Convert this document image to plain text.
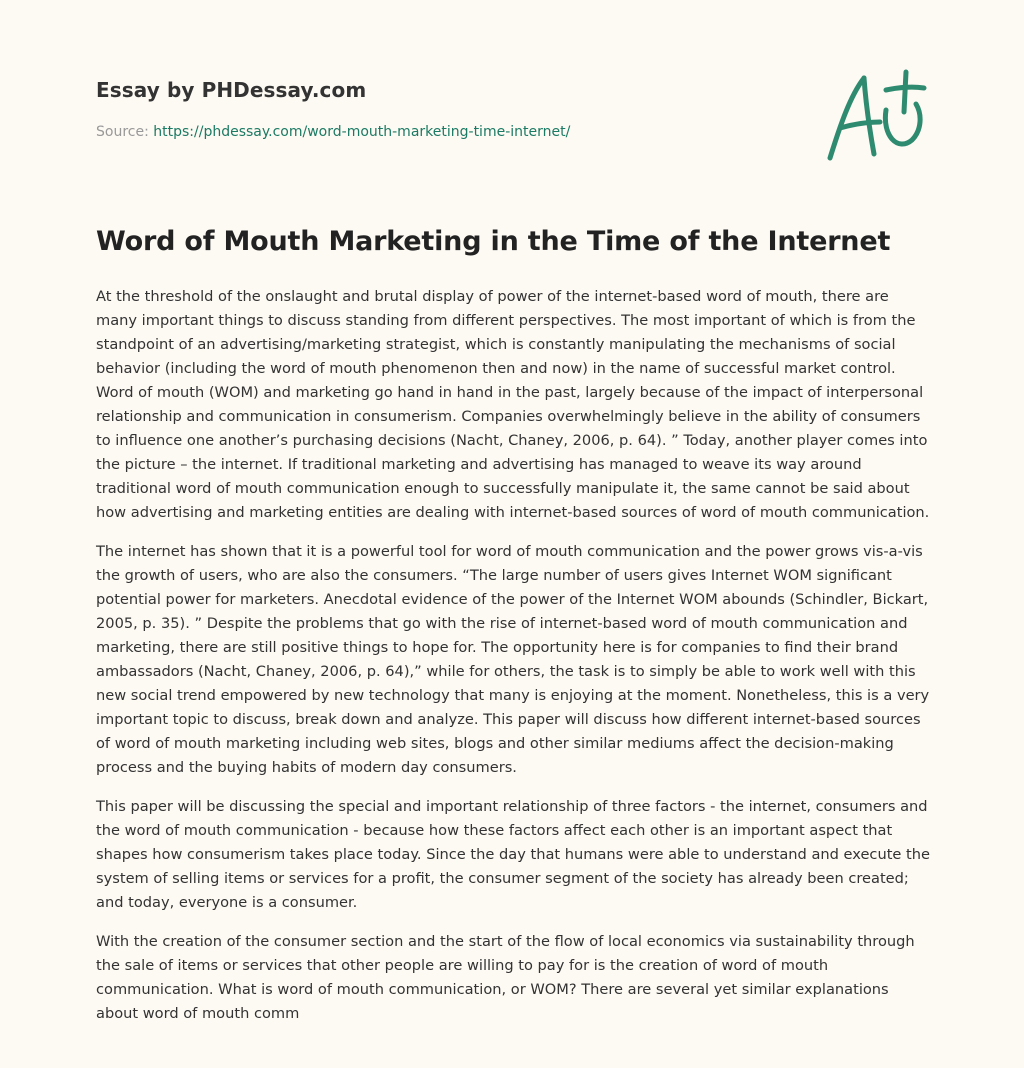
Essay by PHDessay.com

Source: https://phdessay.com/word-mouth-marketing-time-internet/

Word of Mouth Marketing in the Time of the Internet

At the threshold of the onslaught and brutal display of power of the internet-based word of mouth, there are many important things to discuss standing from different perspectives. The most important of which is from the standpoint of an advertising/marketing strategist, which is constantly manipulating the mechanisms of social behavior (including the word of mouth phenomenon then and now) in the name of successful market control. Word of mouth (WOM) and marketing go hand in hand in the past, largely because of the impact of interpersonal relationship and communication in consumerism. Companies overwhelmingly believe in the ability of consumers to influence one another’s purchasing decisions (Nacht, Chaney, 2006, p. 64). ” Today, another player comes into the picture – the internet. If traditional marketing and advertising has managed to weave its way around traditional word of mouth communication enough to successfully manipulate it, the same cannot be said about how advertising and marketing entities are dealing with internet-based sources of word of mouth communication.

The internet has shown that it is a powerful tool for word of mouth communication and the power grows vis-a-vis the growth of users, who are also the consumers. “The large number of users gives Internet WOM significant potential power for marketers. Anecdotal evidence of the power of the Internet WOM abounds (Schindler, Bickart, 2005, p. 35). ” Despite the problems that go with the rise of internet-based word of mouth communication and marketing, there are still positive things to hope for. The opportunity here is for companies to find their brand ambassadors (Nacht, Chaney, 2006, p. 64),” while for others, the task is to simply be able to work well with this new social trend empowered by new technology that many is enjoying at the moment. Nonetheless, this is a very important topic to discuss, break down and analyze. This paper will discuss how different internet-based sources of word of mouth marketing including web sites, blogs and other similar mediums affect the decision-making process and the buying habits of modern day consumers.

This paper will be discussing the special and important relationship of three factors - the internet, consumers and the word of mouth communication - because how these factors affect each other is an important aspect that shapes how consumerism takes place today. Since the day that humans were able to understand and execute the system of selling items or services for a profit, the consumer segment of the society has already been created; and today, everyone is a consumer.

With the creation of the consumer section and the start of the flow of local economics via sustainability through the sale of items or services that other people are willing to pay for is the creation of word of mouth communication. What is word of mouth communication, or WOM? There are several yet similar explanations about word of mouth comm
